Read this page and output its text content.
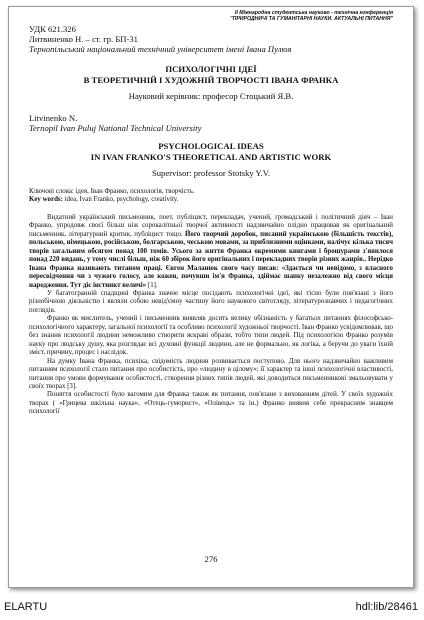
ІІ Міжнародна студентська науково - технічна конференція
"ПРИРОДНИЧІ ТА ГУМАНІТАРНІ НАУКИ. АКТУАЛЬНІ ПИТАННЯ"
УДК 621.326
Литвиненко Н. – ст. гр. БП-31
Тернопільський національний технічний університет імені Івана Пулюя
ПСИХОЛОГІЧНІ ІДЕЇ
В ТЕОРЕТИЧНІЙ І ХУДОЖНІЙ ТВОРЧОСТІ ІВАНА ФРАНКА
Науковий керівник: професор Стоцький Я.В.
Litvinenko N.
Ternopil Ivan Puluj National Technical University
PSYCHOLOGICAL IDEAS
IN IVAN FRANKO'S THEORETICAL AND ARTISTIC WORK
Supervisor: professor Stotsky Y.V.

Ключові слова: ідея, Іван Франко, психологія, творчість.

Key words: idea, Ivan Franko, psychology, creativity.

Видатний український письменник, поет, публіцист, перекладач, учений, громадський і політичний діяч – Іван Франко, упродовж своєї більш ніж сорокалітньої творчої активності надзвичайно плідно працював як оригінальний письменник, літературний критик, публіцист тощо. Його творчий доробок, писаний українською (більшість текстів), польською, німецькою, російською, болгарською, чеською мовами, за приблизними оцінками, налічує кілька тисяч творів загальним обсягом понад 100 томів. Усього за життя Франка окремими книгами і брошурами з'явилося понад 220 видань, у тому числі більш, ніж 60 збірок його оригінальних і перекладних творів різних жанрів.. Нерідко Івана Франка називають титаном праці. Євген Маланюк свого часу писав: «Здається чи невідомо, з власного пересвідчення чи з чужого голосу, але кожен, почувши ім'я Франка, здіймає шапку незалежно від свого місця народження. Тут діє інстинкт величі» [1].

У багатогранній спадщині Франка значне місце посідають психологічні ідеї, які тісно були пов'язані з його різнобічною діяльністю і являли собою невід'ємну частину його наукового світогляду, літературознавчих і педагогічних поглядів.

Франко як мислитель, учений і письменник виявляв досить велику обізнаність у багатьох питаннях філософсько-психологічного характеру, загальної психології та особливо психології художньої творчості. Іван Франко усвідомлював, що без знання психології людини неможливо створити яскраві образи, тобто типи людей. Під психологією Франко розумів науку про людську душу, яка розглядає всі духовні функції людини, але не формально, як логіка, а беручи до уваги їхній зміст, причину, процес і наслідок.

На думку Івана Франка, психіка, свідомість людини розвивається поступово. Для нього надзвичайно важливим питанням психології стало питання про особистість, про «людину в цілому»; її характер та інші психологічні властивості, питання про умови формування особистості, створення різних типів людей, які доводиться письменникові змальовувати у своїх творах [3].

Поняття особистості було вагомим для Франка також як питання, пов'язане з вихованням дітей. У своїх художніх творах ( «Грицева шкільна наука», «Отець-гуморист», «Олівець» та ін.) Франко виявив себе прекрасним знавцем психології

276
ELARTU	hdl:lib/28461
